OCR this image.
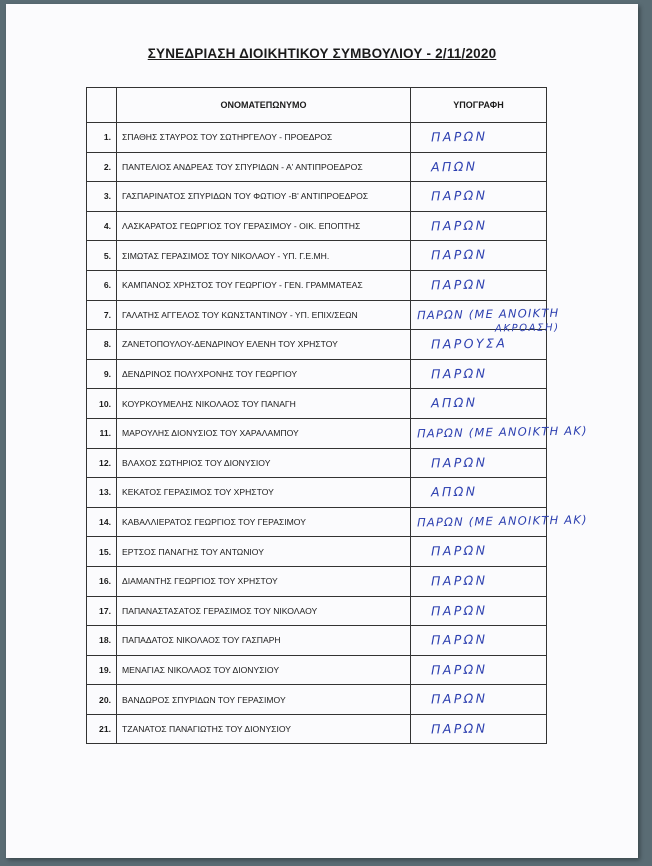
ΣΥΝΕΔΡΙΑΣΗ ΔΙΟΙΚΗΤΙΚΟΥ ΣΥΜΒΟΥΛΙΟΥ - 2/11/2020
	ΟΝΟΜΑΤΕΠΩΝΥΜΟ	ΥΠΟΓΡΑΦΗ
1.	ΣΠΑΘΗΣ ΣΤΑΥΡΟΣ ΤΟΥ ΣΩΤΗΡΓΕΛΟΥ - ΠΡΟΕΔΡΟΣ	ΠΑΡΩΝ

2.	ΠΑΝΤΕΛΙΟΣ ΑΝΔΡΕΑΣ ΤΟΥ ΣΠΥΡΙΔΩΝ - Α' ΑΝΤΙΠΡΟΕΔΡΟΣ	ΑΠΩΝ

3.	ΓΑΣΠΑΡΙΝΑΤΟΣ ΣΠΥΡΙΔΩΝ ΤΟΥ ΦΩΤΙΟΥ -Β' ΑΝΤΙΠΡΟΕΔΡΟΣ	ΠΑΡΩΝ

4.	ΛΑΣΚΑΡΑΤΟΣ ΓΕΩΡΓΙΟΣ ΤΟΥ ΓΕΡΑΣΙΜΟΥ - ΟΙΚ. ΕΠΟΠΤΗΣ	ΠΑΡΩΝ

5.	ΣΙΜΩΤΑΣ ΓΕΡΑΣΙΜΟΣ ΤΟΥ ΝΙΚΟΛΑΟΥ - ΥΠ. Γ.Ε.ΜΗ.	ΠΑΡΩΝ

6.	ΚΑΜΠΑΝΟΣ ΧΡΗΣΤΟΣ ΤΟΥ ΓΕΩΡΓΙΟΥ - ΓΕΝ. ΓΡΑΜΜΑΤΕΑΣ	ΠΑΡΩΝ

7.	ΓΑΛΑΤΗΣ ΑΓΓΕΛΟΣ ΤΟΥ ΚΩΝΣΤΑΝΤΙΝΟΥ - ΥΠ. ΕΠΙΧ/ΣΕΩΝ	ΠΑΡΩΝ (ΜΕ ΑΝΟΙΚΤΗ
ΑΚΡΟΑΣΗ)

8.	ΖΑΝΕΤΟΠΟΥΛΟΥ-ΔΕΝΔΡΙΝΟΥ ΕΛΕΝΗ ΤΟΥ ΧΡΗΣΤΟΥ	ΠΑΡΟΥΣΑ

9.	ΔΕΝΔΡΙΝΟΣ ΠΟΛΥΧΡΟΝΗΣ ΤΟΥ ΓΕΩΡΓΙΟΥ	ΠΑΡΩΝ

10.	ΚΟΥΡΚΟΥΜΕΛΗΣ ΝΙΚΟΛΑΟΣ ΤΟΥ ΠΑΝΑΓΗ	ΑΠΩΝ

11.	ΜΑΡΟΥΛΗΣ ΔΙΟΝΥΣΙΟΣ ΤΟΥ ΧΑΡΑΛΑΜΠΟΥ	ΠΑΡΩΝ (ΜΕ ΑΝΟΙΚΤΗ ΑΚ)

12.	ΒΛΑΧΟΣ ΣΩΤΗΡΙΟΣ ΤΟΥ ΔΙΟΝΥΣΙΟΥ	ΠΑΡΩΝ

13.	ΚΕΚΑΤΟΣ ΓΕΡΑΣΙΜΟΣ ΤΟΥ ΧΡΗΣΤΟΥ	ΑΠΩΝ

14.	ΚΑΒΑΛΛΙΕΡΑΤΟΣ ΓΕΩΡΓΙΟΣ ΤΟΥ ΓΕΡΑΣΙΜΟΥ	ΠΑΡΩΝ (ΜΕ ΑΝΟΙΚΤΗ ΑΚ)

15.	ΕΡΤΣΟΣ ΠΑΝΑΓΗΣ ΤΟΥ ΑΝΤΩΝΙΟΥ	ΠΑΡΩΝ

16.	ΔΙΑΜΑΝΤΗΣ ΓΕΩΡΓΙΟΣ ΤΟΥ ΧΡΗΣΤΟΥ	ΠΑΡΩΝ

17.	ΠΑΠΑΝΑΣΤΑΣΑΤΟΣ ΓΕΡΑΣΙΜΟΣ ΤΟΥ ΝΙΚΟΛΑΟΥ	ΠΑΡΩΝ

18.	ΠΑΠΑΔΑΤΟΣ ΝΙΚΟΛΑΟΣ ΤΟΥ ΓΑΣΠΑΡΗ	ΠΑΡΩΝ

19.	ΜΕΝΑΓΙΑΣ ΝΙΚΟΛΑΟΣ ΤΟΥ ΔΙΟΝΥΣΙΟΥ	ΠΑΡΩΝ

20.	ΒΑΝΔΩΡΟΣ ΣΠΥΡΙΔΩΝ ΤΟΥ ΓΕΡΑΣΙΜΟΥ	ΠΑΡΩΝ

21.	ΤΖΑΝΑΤΟΣ ΠΑΝΑΓΙΩΤΗΣ ΤΟΥ ΔΙΟΝΥΣΙΟΥ	ΠΑΡΩΝ
